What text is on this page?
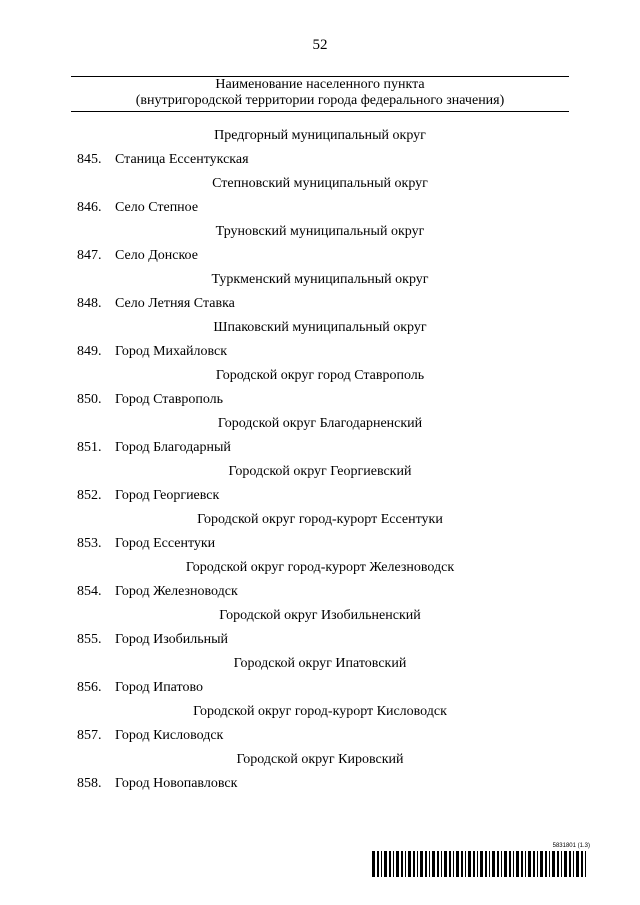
52
Наименование населенного пункта
(внутригородской территории города федерального значения)
Предгорный муниципальный округ
845. Станица Ессентукская
Степновский муниципальный округ
846. Село Степное
Труновский муниципальный округ
847. Село Донское
Туркменский муниципальный округ
848. Село Летняя Ставка
Шпаковский муниципальный округ
849. Город Михайловск
Городской округ город Ставрополь
850. Город Ставрополь
Городской округ Благодарненский
851. Город Благодарный
Городской округ Георгиевский
852. Город Георгиевск
Городской округ город-курорт Ессентуки
853. Город Ессентуки
Городской округ город-курорт Железноводск
854. Город Железноводск
Городской округ Изобильненский
855. Город Изобильный
Городской округ Ипатовский
856. Город Ипатово
Городской округ город-курорт Кисловодск
857. Город Кисловодск
Городской округ Кировский
858. Город Новопавловск
5831801 (1.3)
